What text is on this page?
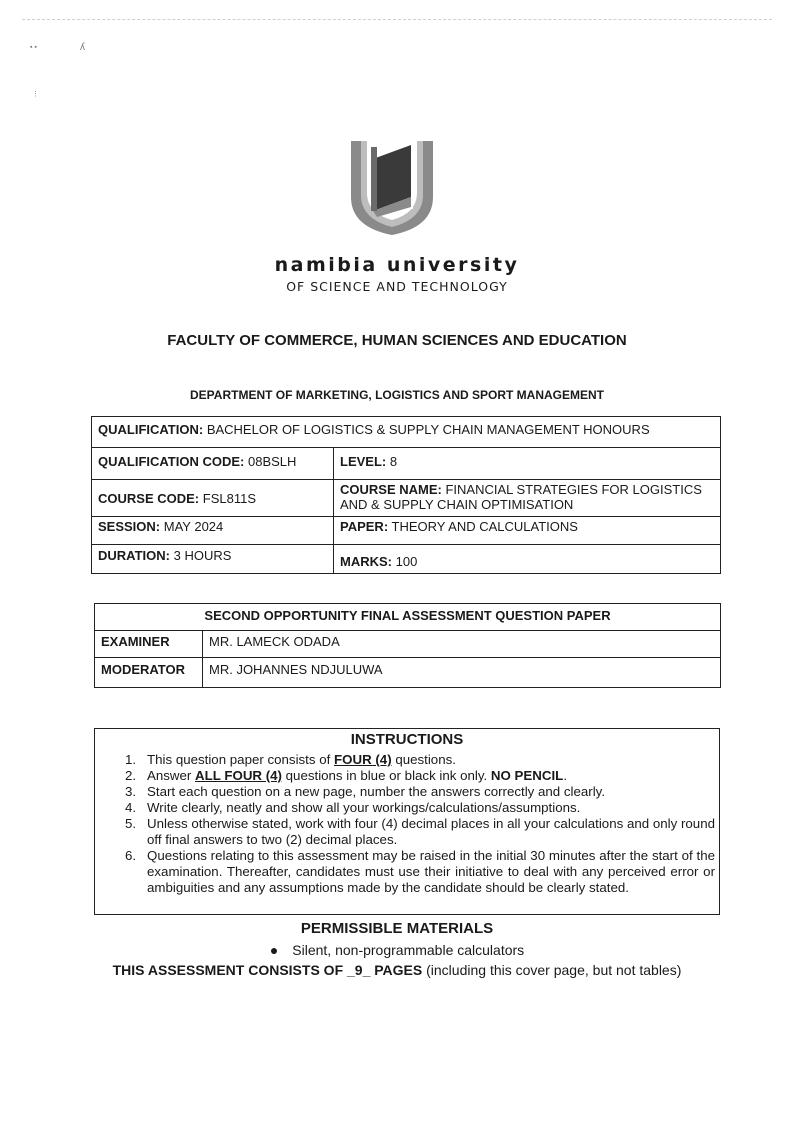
▪ ▪	ʎ
⋮
namibia university
OF SCIENCE AND TECHNOLOGY
FACULTY OF COMMERCE, HUMAN SCIENCES AND EDUCATION
DEPARTMENT OF MARKETING, LOGISTICS AND SPORT MANAGEMENT
QUALIFICATION: BACHELOR OF LOGISTICS & SUPPLY CHAIN MANAGEMENT HONOURS	
QUALIFICATION CODE: 08BSLH	LEVEL: 8
COURSE CODE: FSL811S	COURSE NAME: FINANCIAL STRATEGIES FOR LOGISTICS AND & SUPPLY CHAIN OPTIMISATION
SESSION: MAY 2024	PAPER: THEORY AND CALCULATIONS
DURATION: 3 HOURS	MARKS: 100
SECOND OPPORTUNITY FINAL ASSESSMENT QUESTION PAPER	
EXAMINER	MR. LAMECK ODADA
MODERATOR	MR. JOHANNES NDJULUWA
INSTRUCTIONS
1. This question paper consists of FOUR (4) questions.
2. Answer ALL FOUR (4) questions in blue or black ink only. NO PENCIL.
3. Start each question on a new page, number the answers correctly and clearly.
4. Write clearly, neatly and show all your workings/calculations/assumptions.
5. Unless otherwise stated, work with four (4) decimal places in all your calculations and only round off final answers to two (2) decimal places.
6. Questions relating to this assessment may be raised in the initial 30 minutes after the start of the examination. Thereafter, candidates must use their initiative to deal with any perceived error or ambiguities and any assumptions made by the candidate should be clearly stated.
PERMISSIBLE MATERIALS
● Silent, non-programmable calculators
THIS ASSESSMENT CONSISTS OF _9_ PAGES (including this cover page, but not tables)
